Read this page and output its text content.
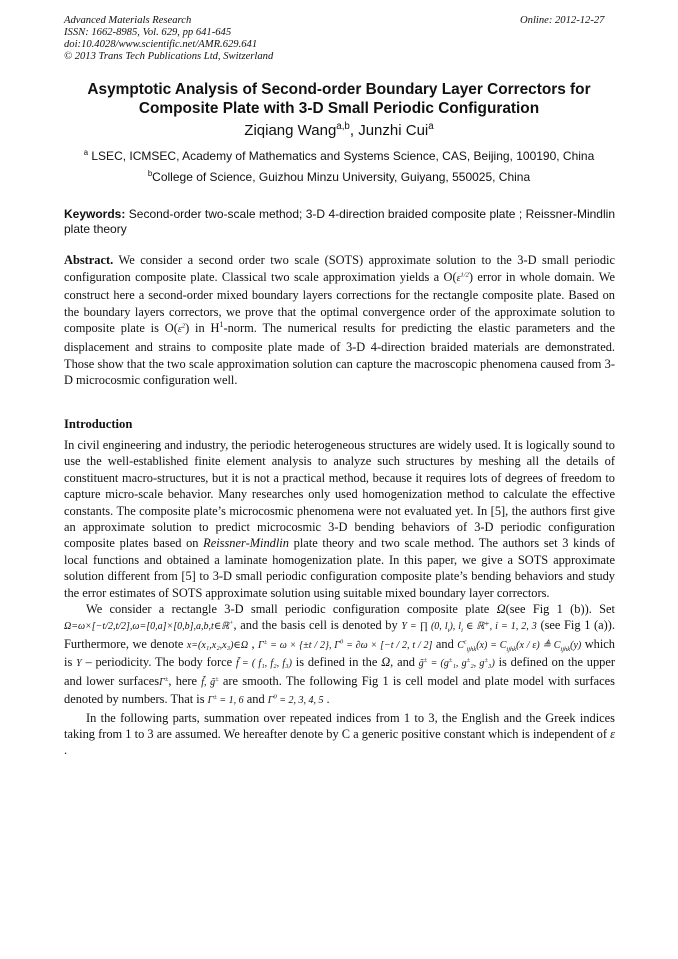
Advanced Materials Research
ISSN: 1662-8985, Vol. 629, pp 641-645
doi:10.4028/www.scientific.net/AMR.629.641
© 2013 Trans Tech Publications Ltd, Switzerland
Online: 2012-12-27
Asymptotic Analysis of Second-order Boundary Layer Correctors for
Composite Plate with 3-D Small Periodic Configuration
Ziqiang Wang$^{a,b}$, Junzhi Cui$^a$
$^a$ LSEC, ICMSEC, Academy of Mathematics and Systems Science, CAS, Beijing, 100190, China
$^b$College of Science, Guizhou Minzu University, Guiyang, 550025, China
Keywords: Second-order two-scale method; 3-D 4-direction braided composite plate ; Reissner-Mindlin plate theory
Abstract. We consider a second order two scale (SOTS) approximate solution to the 3-D small periodic configuration composite plate. Classical two scale approximation yields a $O(\varepsilon^{1/2})$ error in whole domain. We construct here a second-order mixed boundary layers corrections for the rectangle composite plate. Based on the boundary layers correctors, we prove that the optimal convergence order of the approximate solution to composite plate is $O(\varepsilon^2)$ in $H^1$-norm. The numerical results for predicting the elastic parameters and the displacement and strains to composite plate made of 3-D 4-direction braided materials are demonstrated. Those show that the two scale approximation solution can capture the macroscopic phenomena caused from 3-D microcosmic configuration well.
Introduction

In civil engineering and industry, the periodic heterogeneous structures are widely used. It is logically sound to use the well-established finite element analysis to analyze such structures by meshing all the details of constituent macro-structures, but it is not a practical method, because it requires lots of degrees of freedom to capture micro-scale behavior. Many researches only used homogenization method to calculate the effective constants. The composite plate’s microcosmic phenomena were not evaluated yet. In [5], the authors first give an approximate solution to predict microcosmic 3-D bending behaviors of 3-D periodic configuration composite plates based on Reissner-Mindlin plate theory and two scale method. The authors set 3 kinds of local functions and obtained a laminate homogenization plate. In this paper, we give a SOTS approximate solution different from [5] to 3-D small periodic configuration composite plate’s bending behaviors and study the error estimates of SOTS approximate solution using suitable mixed boundary layer correctors.

We consider a rectangle 3-D small periodic configuration composite plate Ω(see Fig 1 (b)). Set Ω=ω×[−t/2,t/2],ω=[0,a]×[0,b],a,b,t∈ℝ+, and the basis cell is denoted by Y = ∏ (0, $l_i$), $l_i$ ∈ ℝ⁺, i = 1, 2, 3 (see Fig 1 (a)). Furthermore, we denote x=(x₁,x₂,x₃)∈Ω , Γ± = ω × {±t / 2}, $\Gamma^0 = \partial\omega \times [-t / 2$, t / 2] and $C^\varepsilon_{ijhk}(x) = C_{ijhk}(x / \varepsilon)$ ≜ $C_{ijhk}(y)$ which is Y – periodicity. The body force f̃ = ( f₁, f₂, f₃) is defined in the Ω, and g̃± = (g±₁, g±₂, g±₃) is defined on the upper and lower surfacesΓ±, here f̃, g̃± are smooth. The following Fig 1 is cell model and plate model with surfaces denoted by numbers. That is Γ± = 1, 6 and $\Gamma^0 = 2$, 3, 4, 5 .

In the following parts, summation over repeated indices from 1 to 3, the English and the Greek indices taking from 1 to 3 are assumed. We hereafter denote by C a generic positive constant which is independent of ε .
